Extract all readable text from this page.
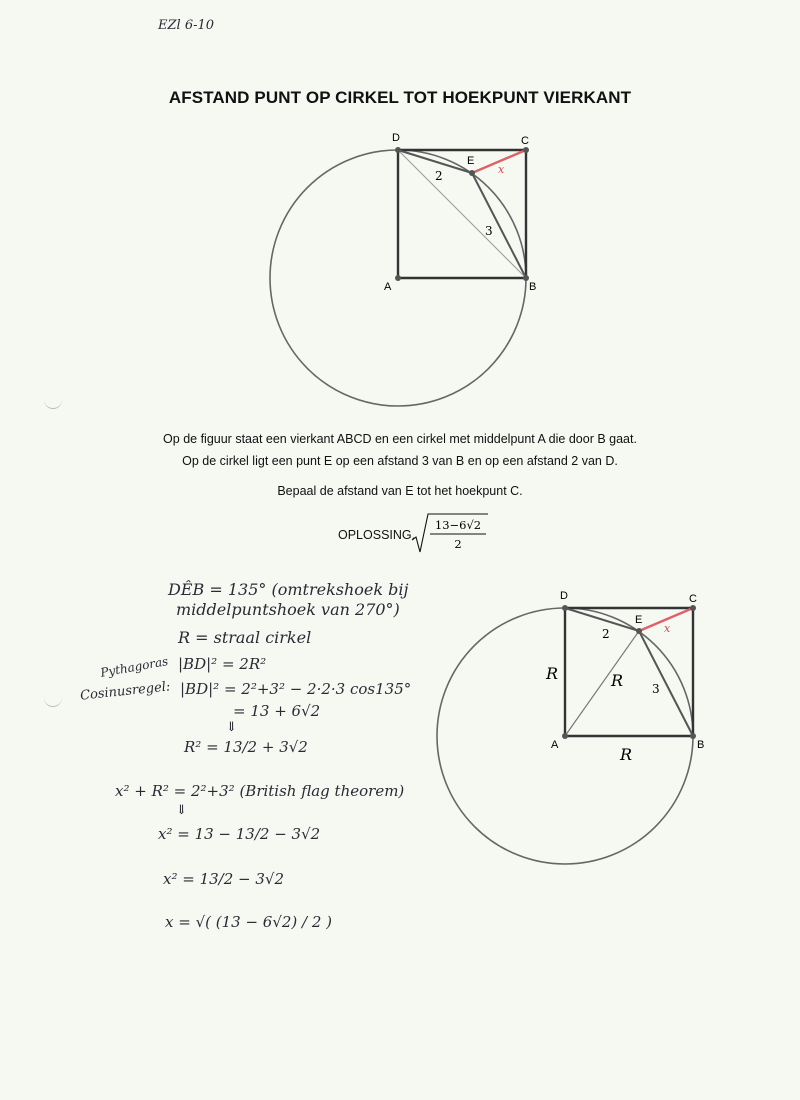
EZl 6-10
AFSTAND PUNT OP CIRKEL TOT HOEKPUNT VIERKANT
D	C
E
A	B
2
3
x
Op de figuur staat een vierkant ABCD en een cirkel met middelpunt A die door B gaat.
Op de cirkel ligt een punt E op een afstand 3 van B en op een afstand 2 van D.
Bepaal de afstand van E tot het hoekpunt C.
OPLOSSING.
13−6√2
2
DÊB = 135° (omtrekshoek bij
middelpuntshoek van 270°)
R = straal cirkel
Pythagoras |BD|² = 2R²
Cosinusregel: |BD|² = 2²+3² − 2·2·3 cos135°
= 13 + 6√2
⇓
R² = 13/2 + 3√2
x² + R² = 2²+3² (British flag theorem)
⇓
x² = 13 − 13/2 − 3√2
x² = 13/2 − 3√2
x = √( (13 − 6√2) / 2 )
D	C
E
A	B
2
3
x
R	R
R
